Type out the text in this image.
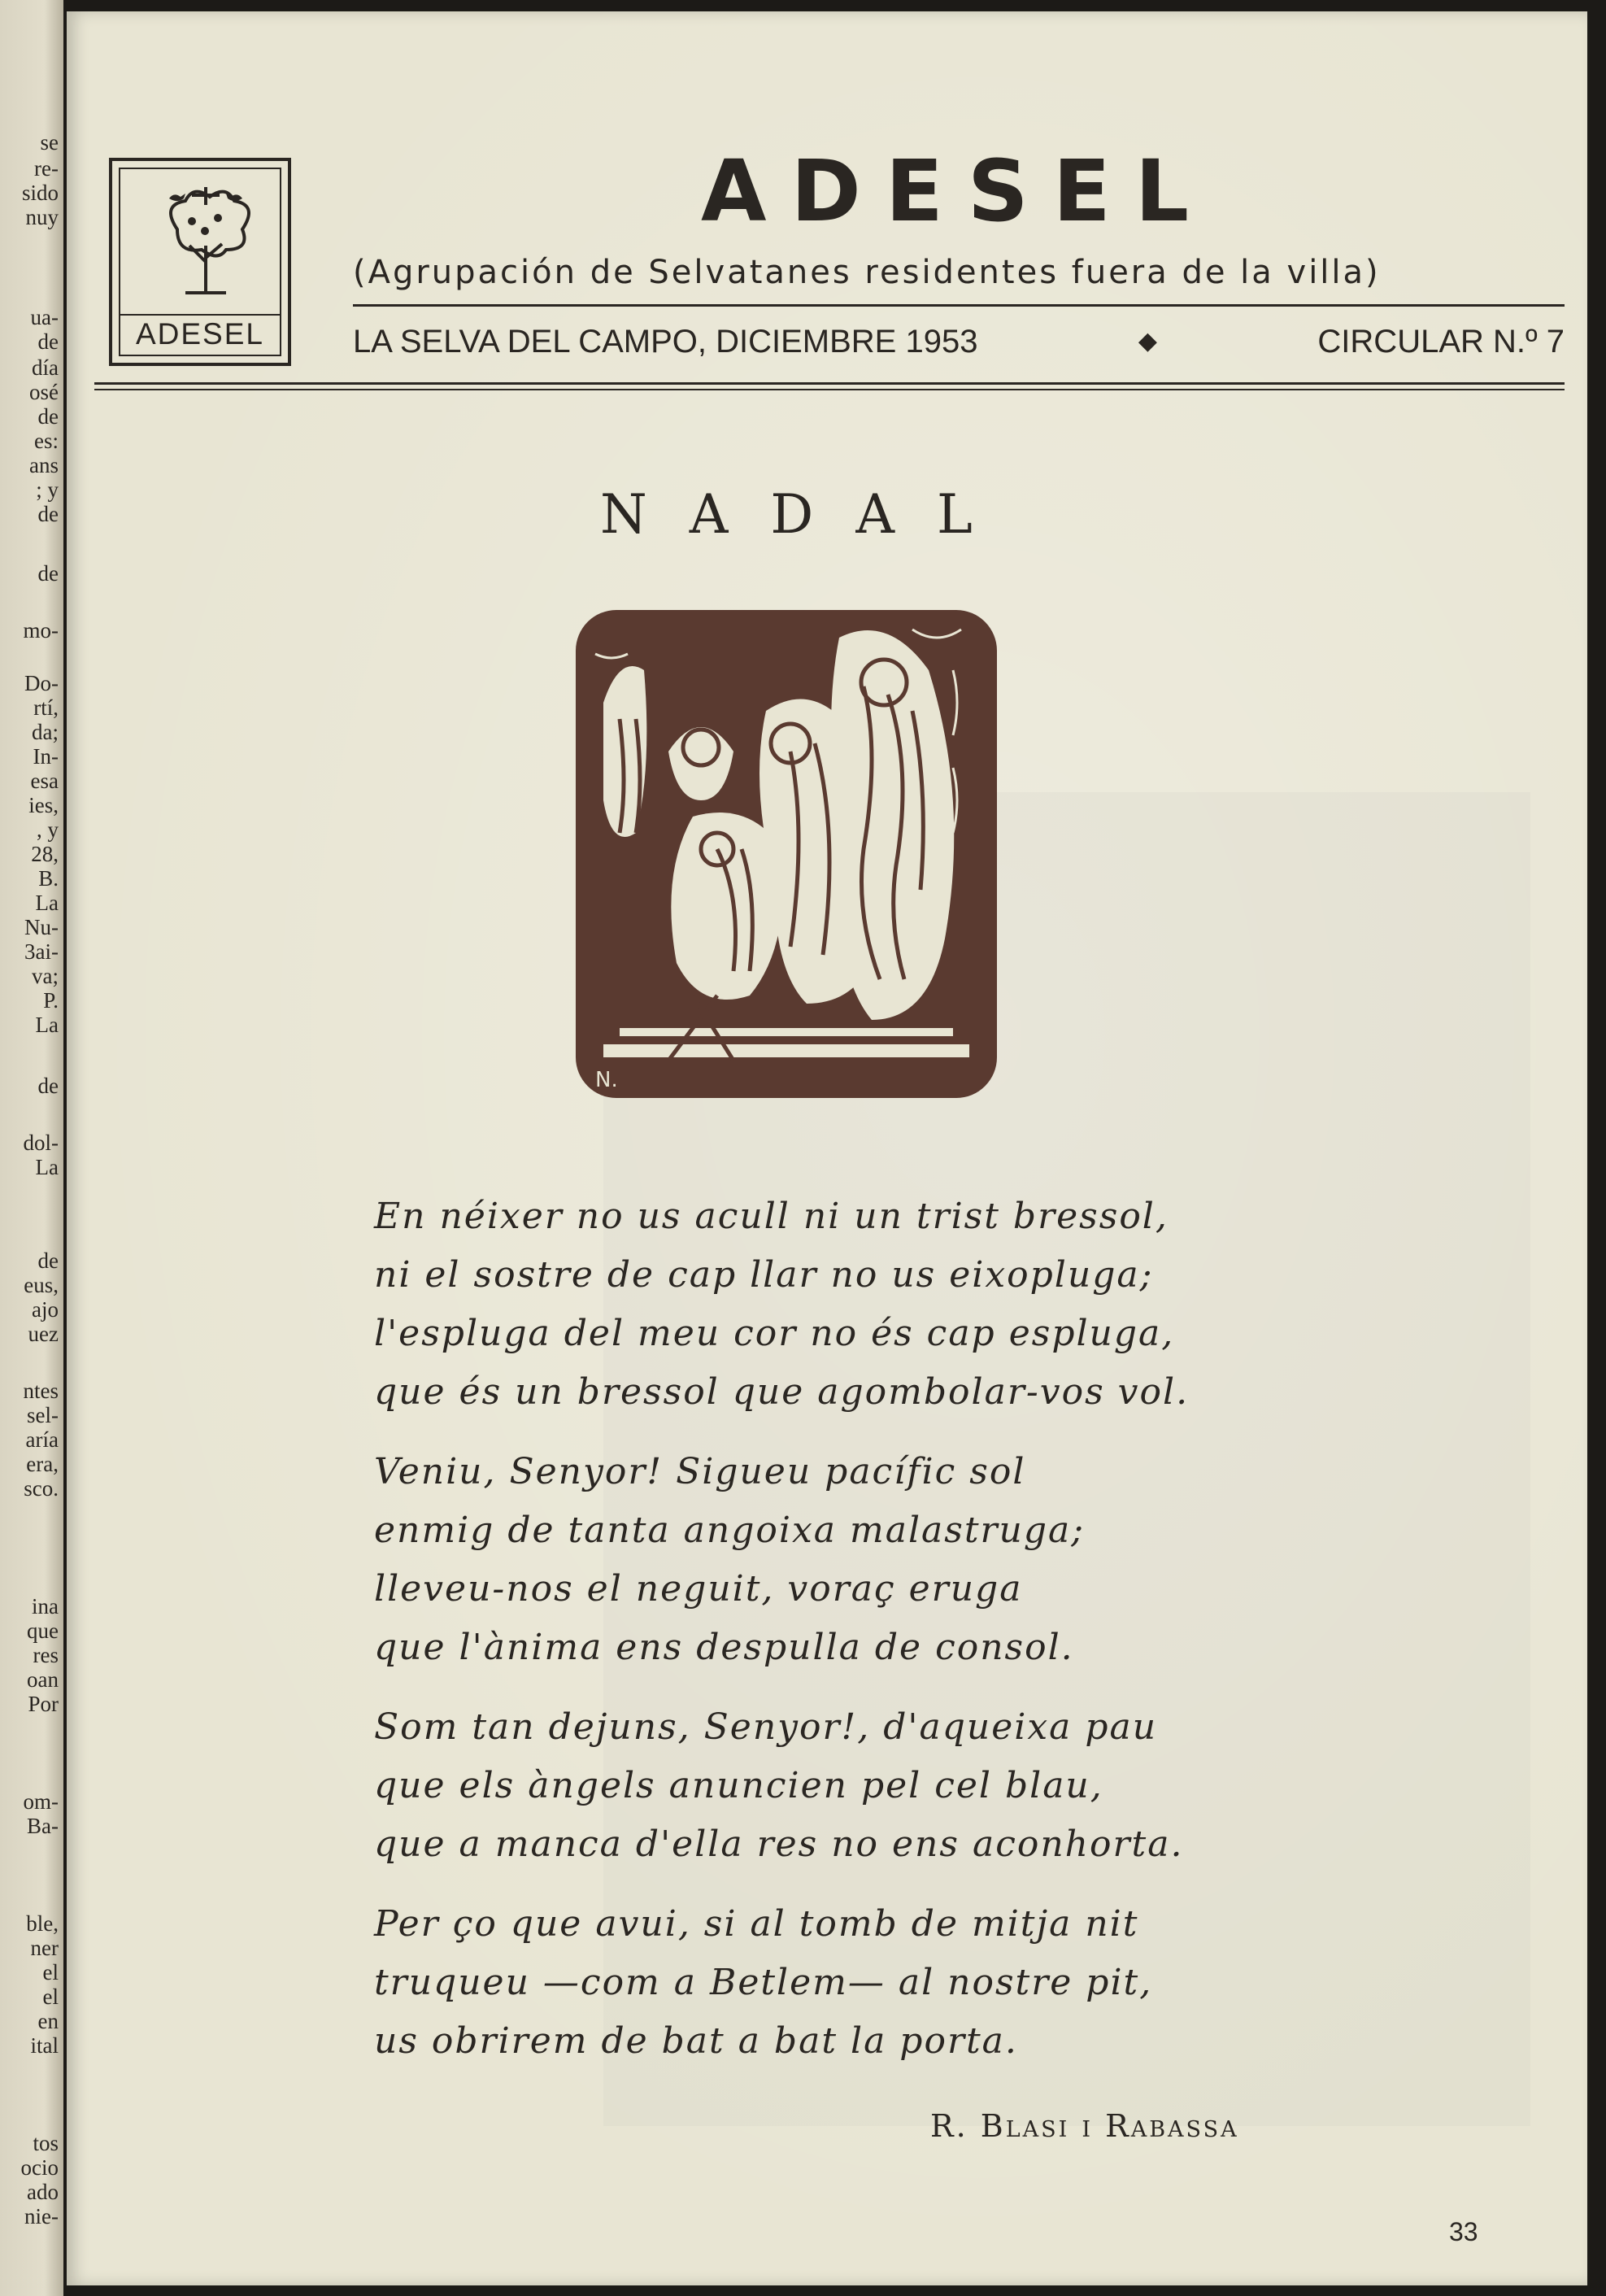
se
re-
sido
nuy
ua-
de
día
osé
de
es:
ans
; y
de
de
mo-
Do-
rtí,
da;
In-
esa
ies,
, y
28,
B.
La
Nu-
3ai-
va;
P.
La
de
dol-
La
de
eus,
ajo
uez
ntes
sel-
aría
era,
sco.
ina
que
res
oan
Por
om-
Ba-
ble,
ner
el
el
en
ital
tos
ocio
ado
nie-
ADESEL
ADESEL
(Agrupación de Selvatanes residentes fuera de la villa)
LA SELVA DEL CAMPO, DICIEMBRE 1953	◆	CIRCULAR N.º 7
NADAL
N.
En néixer no us acull ni un trist bressol,
ni el sostre de cap llar no us eixopluga;
l'espluga del meu cor no és cap espluga,
que és un bressol que agombolar-vos vol.
Veniu, Senyor! Sigueu pacífic sol
enmig de tanta angoixa malastruga;
lleveu-nos el neguit, voraç eruga
que l'ànima ens despulla de consol.
Som tan dejuns, Senyor!, d'aqueixa pau
que els àngels anuncien pel cel blau,
que a manca d'ella res no ens aconhorta.
Per ço que avui, si al tomb de mitja nit
truqueu —com a Betlem— al nostre pit,
us obrirem de bat a bat la porta.
R. Blasi i Rabassa
33
